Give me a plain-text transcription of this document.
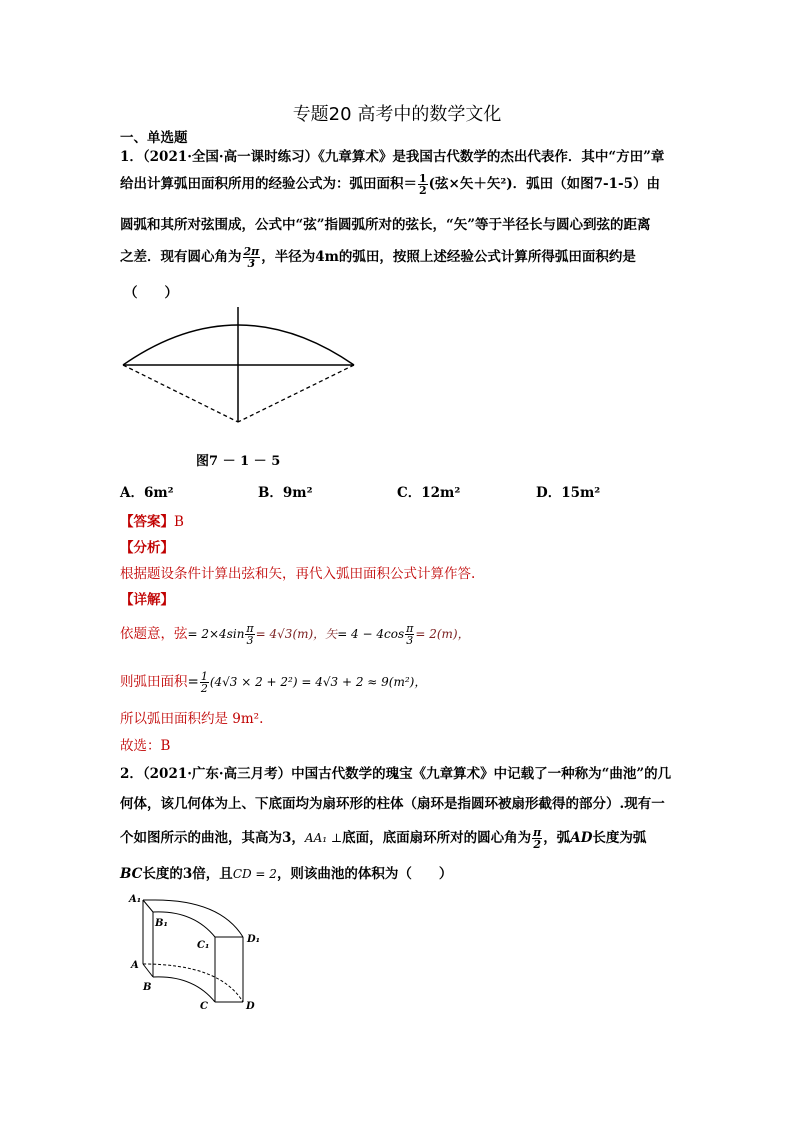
专题20 高考中的数学文化
一、单选题
1．（2021·全国·高一课时练习）《九章算术》是我国古代数学的杰出代表作．其中“方田”章
给出计算弧田面积所用的经验公式为：弧田面积＝ $\frac{1}{2}$ (弦×矢＋矢²)．弧田（如图7-1-5）由
圆弧和其所对弦围成，公式中“弦”指圆弧所对的弦长，“矢”等于半径长与圆心到弦的距离
之差．现有圆心角为 $\frac{2\pi}{3}$ ，半径为4m的弧田，按照上述经验公式计算所得弧田面积约是
（　　）
图7 － 1 － 5
A．6m²	B．9m²	C．12m²	D．15m²
【答案】B
【分析】
根据题设条件计算出弦和矢，再代入弧田面积公式计算作答.
【详解】
依题意，弦= $2\times 4\sin \frac{\pi}{3} = 4√3(m)$，矢= $4 - 4\cos \frac{\pi}{3} = 2(m)$，
则弧田面积= $\frac{1}{2} (4√3 \times 2 + 2^2) = 4√3 + 2 \approx 9(m^2)$，
所以弧田面积约是 9m².
故选：B
2．（2021·广东·高三月考）中国古代数学的瑰宝《九章算术》中记载了一种称为“曲池”的几
何体，该几何体为上、下底面均为扇环形的柱体（扇环是指圆环被扇形截得的部分）.现有一
个如图所示的曲池，其高为3，AA₁ ⊥底面，底面扇环所对的圆心角为 $\frac{\pi}{2}$ ，弧AD长度为弧
BC长度的3倍，且CD = 2，则该曲池的体积为（　　）
A₁
B₁
C₁
D₁
A
B
C	D
